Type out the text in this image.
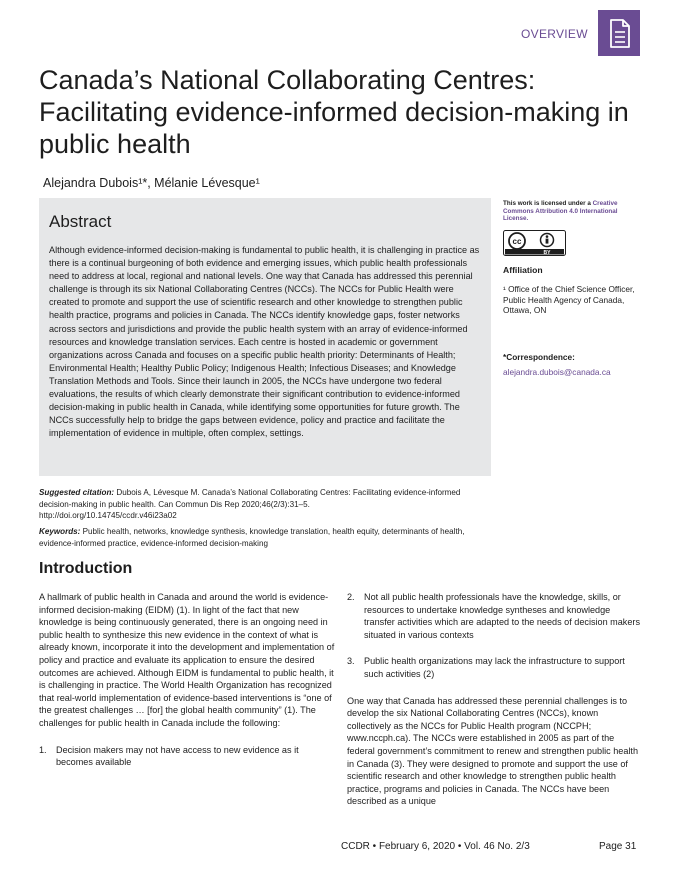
OVERVIEW
Canada’s National Collaborating Centres: Facilitating evidence-informed decision-making in public health
Alejandra Dubois¹*, Mélanie Lévesque¹
Abstract

Although evidence-informed decision-making is fundamental to public health, it is challenging in practice as there is a continual burgeoning of both evidence and emerging issues, which public health professionals need to address at local, regional and national levels. One way that Canada has addressed this perennial challenge is through its six National Collaborating Centres (NCCs). The NCCs for Public Health were created to promote and support the use of scientific research and other knowledge to strengthen public health practice, programs and policies in Canada. The NCCs identify knowledge gaps, foster networks across sectors and jurisdictions and provide the public health system with an array of evidence-informed resources and knowledge translation services. Each centre is hosted in academic or government organizations across Canada and focuses on a specific public health priority: Determinants of Health; Environmental Health; Healthy Public Policy; Indigenous Health; Infectious Diseases; and Knowledge Translation Methods and Tools. Since their launch in 2005, the NCCs have undergone two federal evaluations, the results of which clearly demonstrate their significant contribution to evidence-informed decision-making in public health in Canada, while identifying some opportunities for future growth. The NCCs successfully help to bridge the gaps between evidence, policy and practice and facilitate the implementation of evidence in multiple, often complex, settings.

This work is licensed under a Creative Commons Attribution 4.0 International License.
cc
BY
Affiliation
¹ Office of the Chief Science Officer, Public Health Agency of Canada, Ottawa, ON
*Correspondence: alejandra.dubois@canada.ca
Suggested citation: Dubois A, Lévesque M. Canada’s National Collaborating Centres: Facilitating evidence-informed decision-making in public health. Can Commun Dis Rep 2020;46(2/3):31–5.
http://doi.org/10.14745/ccdr.v46i23a02
Keywords: Public health, networks, knowledge synthesis, knowledge translation, health equity, determinants of health, evidence-informed practice, evidence-informed decision-making
Introduction

A hallmark of public health in Canada and around the world is evidence-informed decision-making (EIDM) (1). In light of the fact that new knowledge is being continuously generated, there is an ongoing need in public health to synthesize this new evidence in the context of what is already known, incorporate it into the development and implementation of policy and practice and evaluate its application to ensure the desired outcomes are achieved. Although EIDM is fundamental to public health, it is challenging in practice. The World Health Organization has recognized that real-world implementation of evidence-based interventions is “one of the greatest challenges … [for] the global health community” (1). The challenges for public health in Canada include the following:

1.	Decision makers may not have access to new evidence as it becomes available
2.	Not all public health professionals have the knowledge, skills, or resources to undertake knowledge syntheses and knowledge transfer activities which are adapted to the needs of decision makers situated in various contexts
3.	Public health organizations may lack the infrastructure to support such activities (2)

One way that Canada has addressed these perennial challenges is to develop the six National Collaborating Centres (NCCs), known collectively as the NCCs for Public Health program (NCCPH; www.nccph.ca). The NCCs were established in 2005 as part of the federal government’s commitment to renew and strengthen public health in Canada (3). They were designed to promote and support the use of scientific research and other knowledge to strengthen public health practice, programs and policies in Canada. The NCCs have been described as a unique

CCDR • February 6, 2020 • Vol. 46 No. 2/3	Page 31
